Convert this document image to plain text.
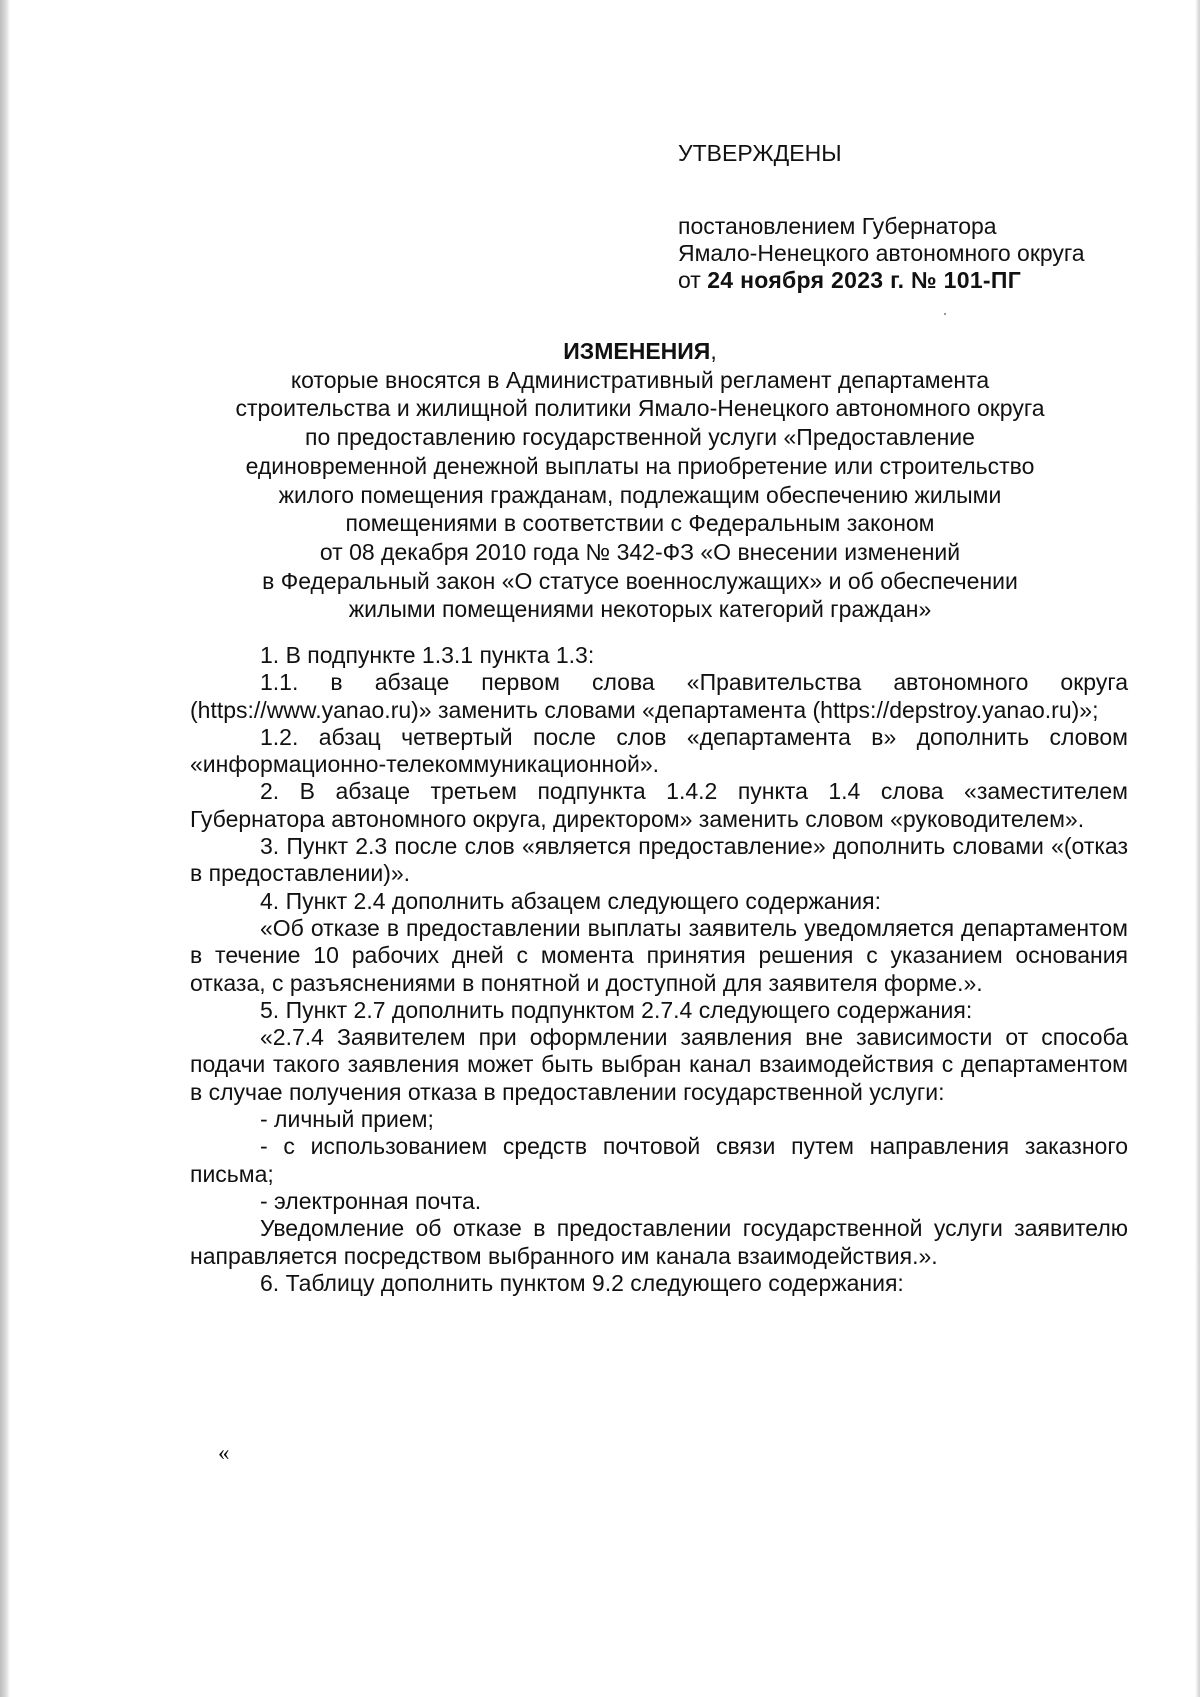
УТВЕРЖДЕНЫ
постановлением Губернатора
Ямало-Ненецкого автономного округа
от 24 ноября 2023 г. № 101-ПГ
ИЗМЕНЕНИЯ,
которые вносятся в Административный регламент департамента
строительства и жилищной политики Ямало-Ненецкого автономного округа
по предоставлению государственной услуги «Предоставление
единовременной денежной выплаты на приобретение или строительство
жилого помещения гражданам, подлежащим обеспечению жилыми
помещениями в соответствии с Федеральным законом
от 08 декабря 2010 года № 342-ФЗ «О внесении изменений
в Федеральный закон «О статусе военнослужащих» и об обеспечении
жилыми помещениями некоторых категорий граждан»

1. В подпункте 1.3.1 пункта 1.3:

1.1. в абзаце первом слова «Правительства автономного округа (https://www.yanao.ru)» заменить словами «департамента (https://depstroy.yanao.ru)»;

1.2. абзац четвертый после слов «департамента в» дополнить словом «информационно-телекоммуникационной».

2. В абзаце третьем подпункта 1.4.2 пункта 1.4 слова «заместителем Губернатора автономного округа, директором» заменить словом «руководителем».

3. Пункт 2.3 после слов «является предоставление» дополнить словами «(отказ в предоставлении)».

4. Пункт 2.4 дополнить абзацем следующего содержания:

«Об отказе в предоставлении выплаты заявитель уведомляется департаментом в течение 10 рабочих дней с момента принятия решения с указанием основания отказа, с разъяснениями в понятной и доступной для заявителя форме.».

5. Пункт 2.7 дополнить подпунктом 2.7.4 следующего содержания:

«2.7.4 Заявителем при оформлении заявления вне зависимости от способа подачи такого заявления может быть выбран канал взаимодействия с департаментом в случае получения отказа в предоставлении государственной услуги:

- личный прием;

- с использованием средств почтовой связи путем направления заказного письма;

- электронная почта.

Уведомление об отказе в предоставлении государственной услуги заявителю направляется посредством выбранного им канала взаимодействия.».

6. Таблицу дополнить пунктом 9.2 следующего содержания:

«
